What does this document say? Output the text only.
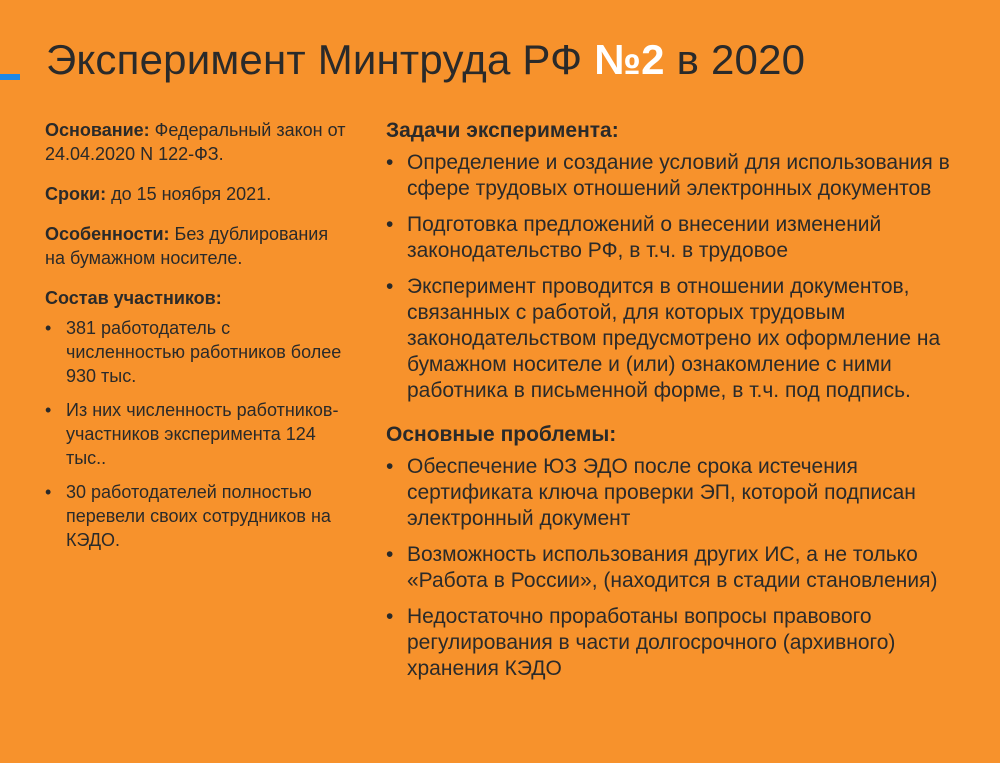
Эксперимент Минтруда РФ №2 в 2020

Основание: Федеральный закон от 24.04.2020 N 122-ФЗ.

Сроки: до 15 ноября 2021.

Особенности: Без дублирования на бумажном носителе.

Состав участников:

• 381 работодатель с численностью работников более 930 тыс.
• Из них численность работников-участников эксперимента 124 тыс..
• 30 работодателей полностью перевели своих сотрудников на КЭДО.

Задачи эксперимента:

• Определение и создание условий для использования в сфере трудовых отношений электронных документов
• Подготовка предложений о внесении изменений законодательство РФ, в т.ч. в трудовое
• Эксперимент проводится в отношении документов, связанных с работой, для которых трудовым законодательством предусмотрено их оформление на бумажном носителе и (или) ознакомление с ними работника в письменной форме, в т.ч. под подпись.

Основные проблемы:

• Обеспечение ЮЗ ЭДО после срока истечения сертификата ключа проверки ЭП, которой подписан электронный документ
• Возможность использования других ИС, а не только «Работа в России», (находится в стадии становления)
• Недостаточно проработаны вопросы правового регулирования в части долгосрочного (архивного) хранения КЭДО
